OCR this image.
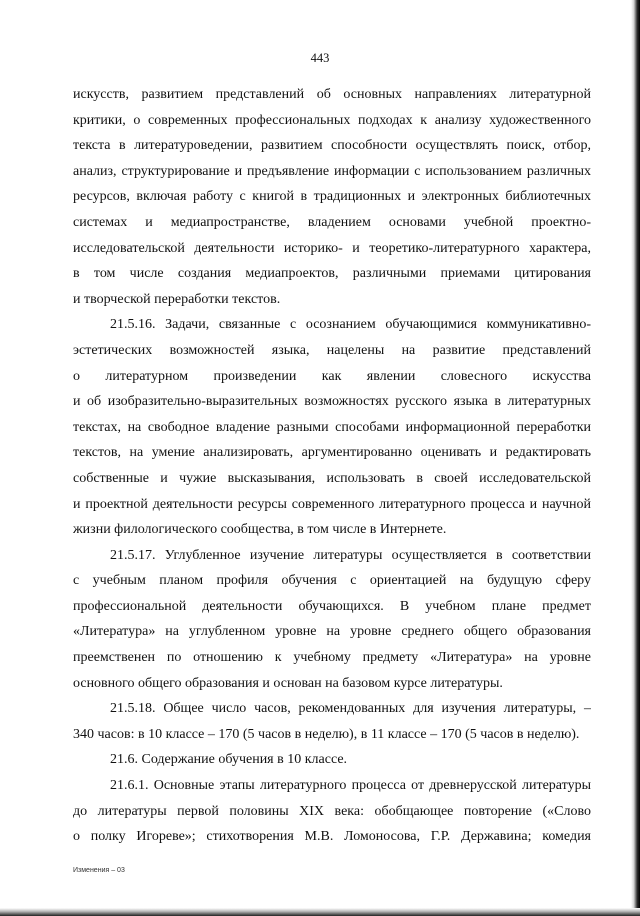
443
искусств, развитием представлений об основных направлениях литературной
критики, о современных профессиональных подходах к анализу художественного
текста в литературоведении, развитием способности осуществлять поиск, отбор,
анализ, структурирование и предъявление информации с использованием различных
ресурсов, включая работу с книгой в традиционных и электронных библиотечных
системах и медиапространстве, владением основами учебной проектно-
исследовательской деятельности историко- и теоретико-литературного характера,
в том числе создания медиапроектов, различными приемами цитирования
и творческой переработки текстов.
21.5.16. Задачи, связанные с осознанием обучающимися коммуникативно-
эстетических возможностей языка, нацелены на развитие представлений
о литературном произведении как явлении словесного искусства
и об изобразительно-выразительных возможностях русского языка в литературных
текстах, на свободное владение разными способами информационной переработки
текстов, на умение анализировать, аргументированно оценивать и редактировать
собственные и чужие высказывания, использовать в своей исследовательской
и проектной деятельности ресурсы современного литературного процесса и научной
жизни филологического сообщества, в том числе в Интернете.
21.5.17. Углубленное изучение литературы осуществляется в соответствии
с учебным планом профиля обучения с ориентацией на будущую сферу
профессиональной деятельности обучающихся. В учебном плане предмет
«Литература» на углубленном уровне на уровне среднего общего образования
преемственен по отношению к учебному предмету «Литература» на уровне
основного общего образования и основан на базовом курсе литературы.
21.5.18. Общее число часов, рекомендованных для изучения литературы, –
340 часов: в 10 классе – 170 (5 часов в неделю), в 11 классе – 170 (5 часов в неделю).
21.6. Содержание обучения в 10 классе.
21.6.1. Основные этапы литературного процесса от древнерусской литературы
до литературы первой половины XIX века: обобщающее повторение («Слово
о полку Игореве»; стихотворения М.В. Ломоносова, Г.Р. Державина; комедия
Изменения – 03
